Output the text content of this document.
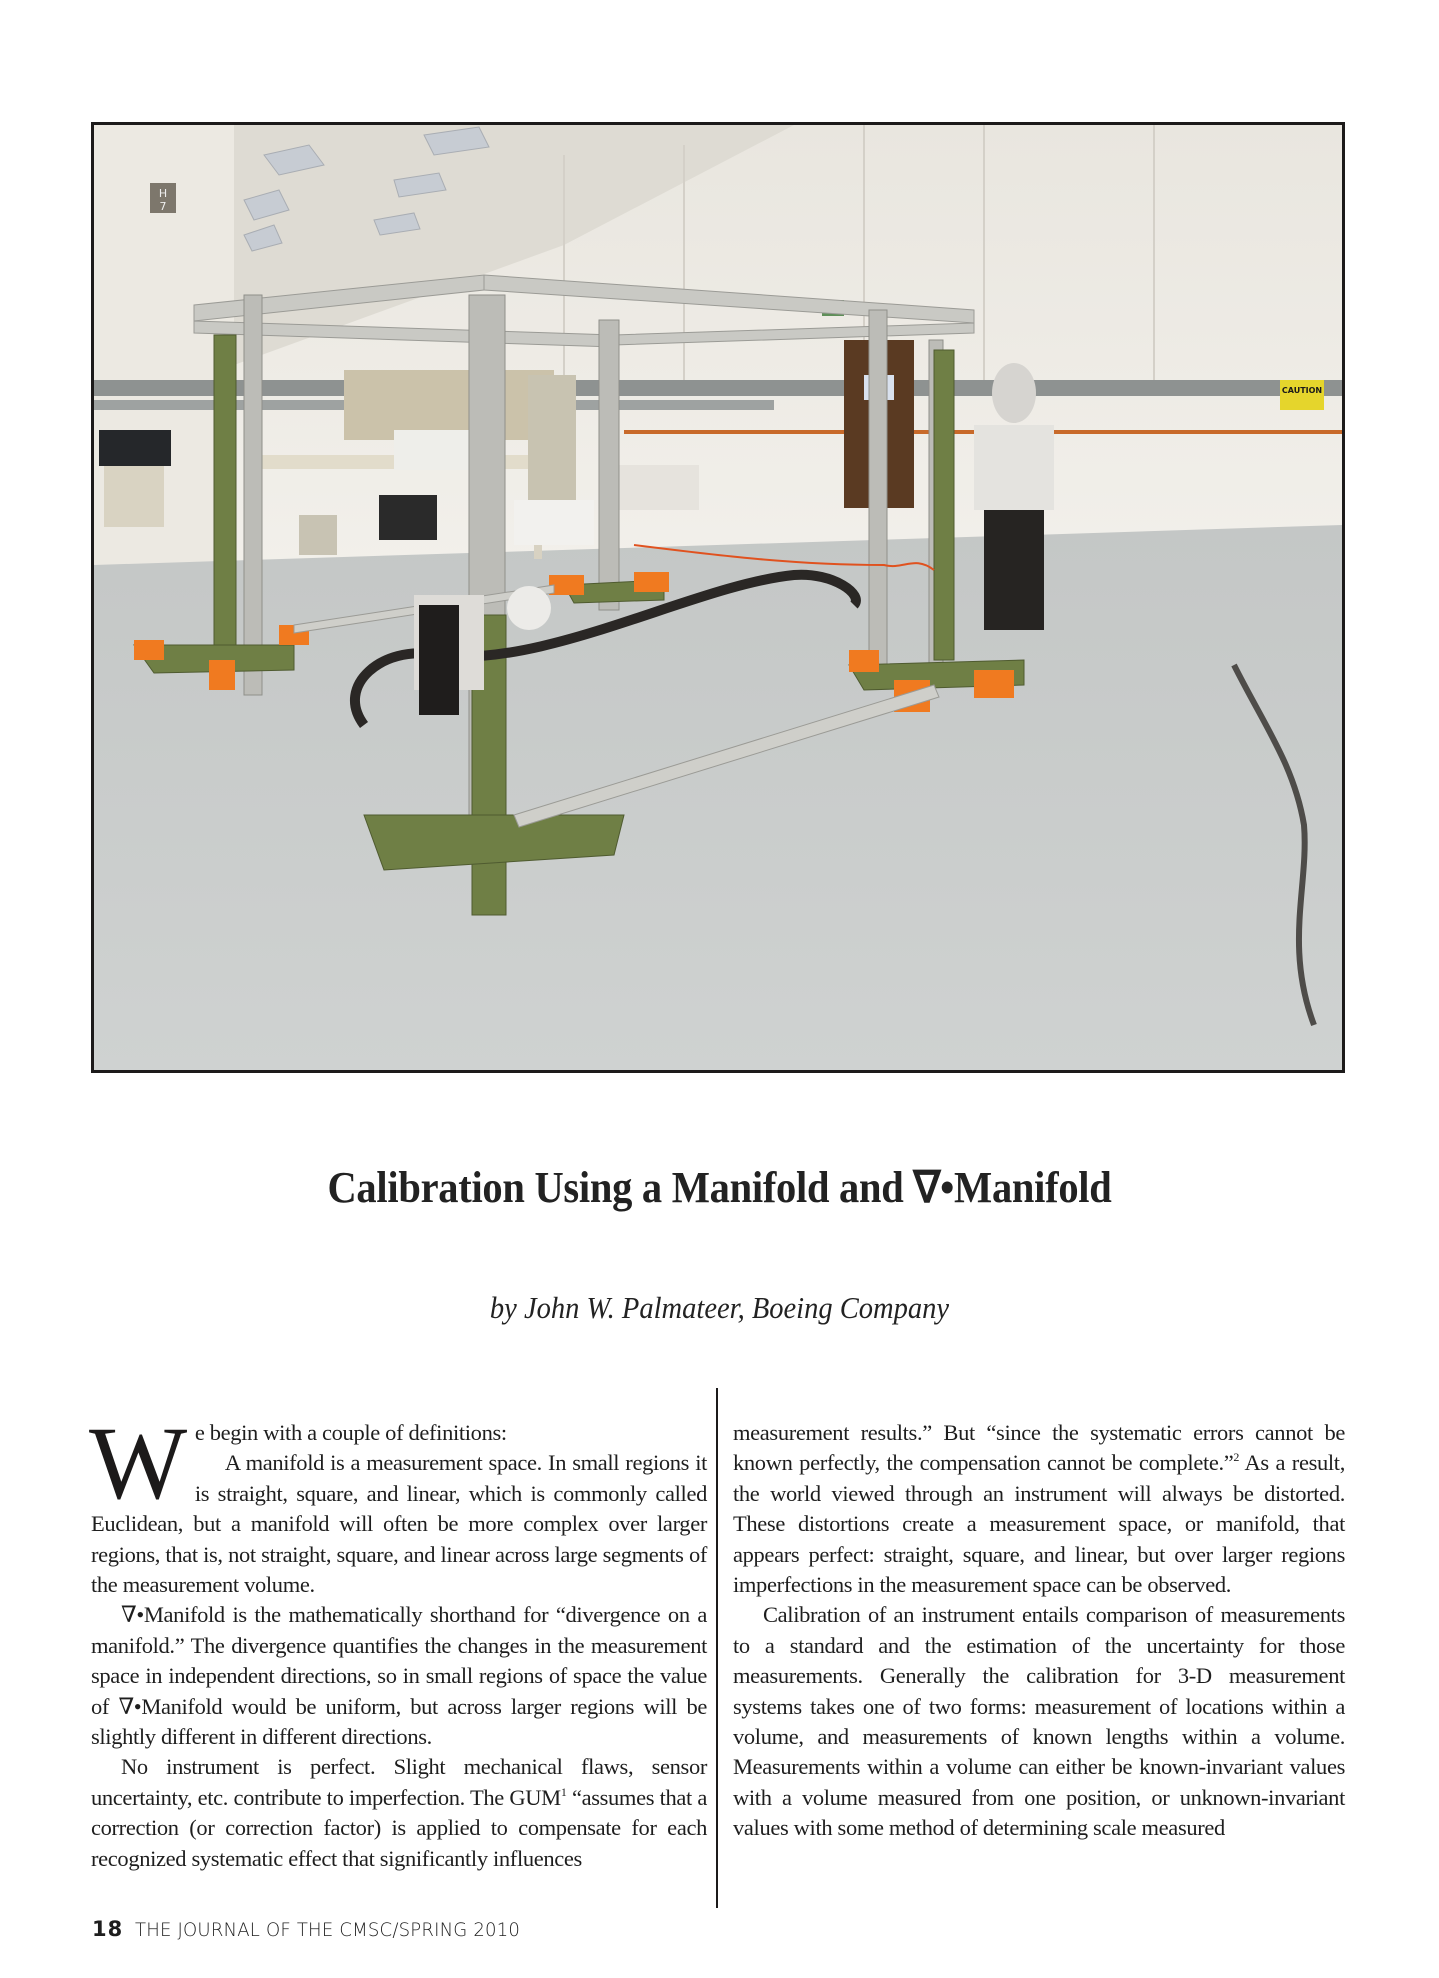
H
7
CAUTION
Calibration Using a Manifold and ∇•Manifold
by John W. Palmateer, Boeing Company
W e begin with a couple of definitions:

A manifold is a measurement space. In small regions it is straight, square, and linear, which is commonly called Euclidean, but a manifold will often be more complex over larger regions, that is, not straight, square, and linear across large segments of the measurement volume.

∇•Manifold is the mathematically shorthand for “divergence on a manifold.” The divergence quantifies the changes in the measurement space in independent directions, so in small regions of space the value of ∇•Manifold would be uniform, but across larger regions will be slightly different in different directions.

No instrument is perfect. Slight mechanical flaws, sensor uncertainty, etc. contribute to imperfection. The GUM$^1$ “assumes that a correction (or correction factor) is applied to compensate for each recognized systematic effect that significantly influences

measurement results.” But “since the systematic errors cannot be known perfectly, the compensation cannot be complete.”$^2$ As a result, the world viewed through an instrument will always be distorted. These distortions create a measurement space, or manifold, that appears perfect: straight, square, and linear, but over larger regions imperfections in the measurement space can be observed.

Calibration of an instrument entails comparison of measurements to a standard and the estimation of the uncertainty for those measurements. Generally the calibration for 3-D measurement systems takes one of two forms: measurement of locations within a volume, and measurements of known lengths within a volume. Measurements within a volume can either be known-invariant values with a volume measured from one position, or unknown-invariant values with some method of determining scale measured

18 THE JOURNAL OF THE CMSC/SPRING 2010
